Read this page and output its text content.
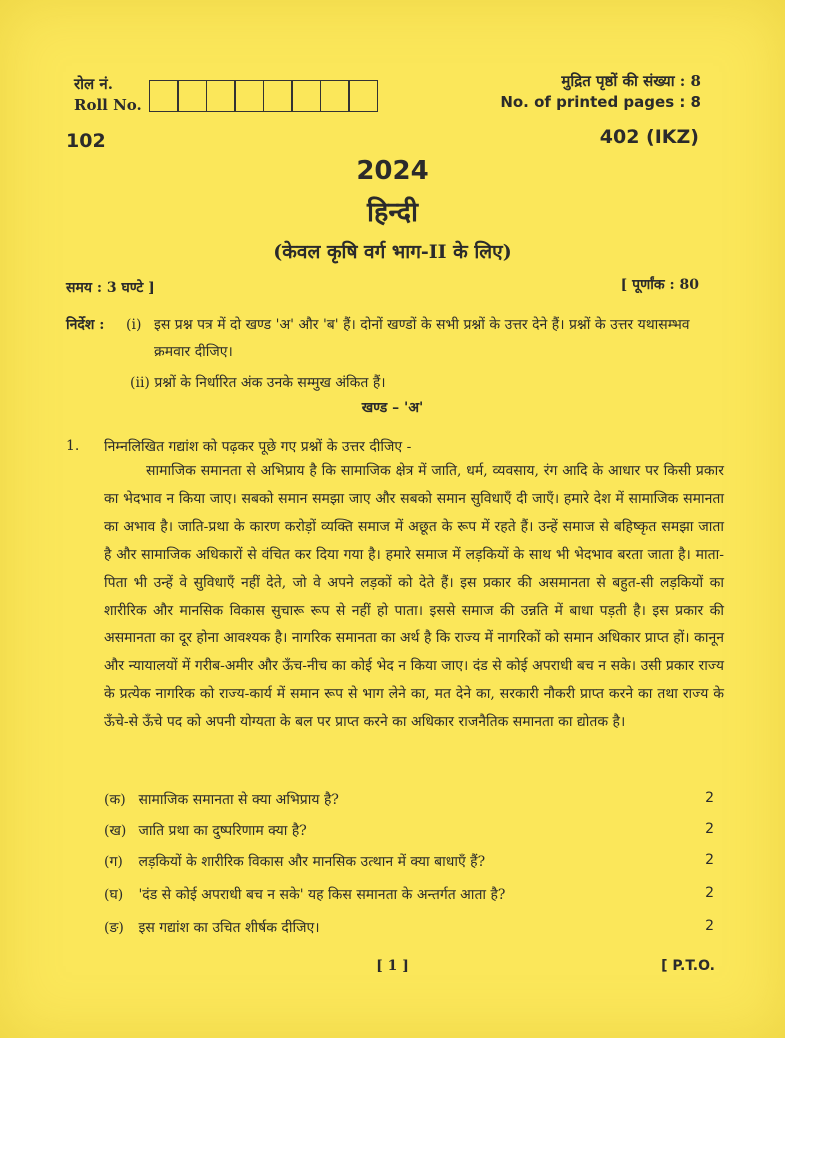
रोल नं.
Roll No.
102
मुद्रित पृष्ठों की संख्या : 8
No. of printed pages : 8
402 (IKZ)
2024
हिन्दी
(केवल कृषि वर्ग भाग-II के लिए)
समय : 3 घण्टे ]	[ पूर्णांक : 80
निर्देश : (i) इस प्रश्न पत्र में दो खण्ड 'अ' और 'ब' हैं। दोनों खण्डों के सभी प्रश्नों के उत्तर देने हैं। प्रश्नों के उत्तर यथासम्भव क्रमवार दीजिए।
(ii) प्रश्नों के निर्धारित अंक उनके सम्मुख अंकित हैं।
खण्ड – 'अ'
1. निम्नलिखित गद्यांश को पढ़कर पूछे गए प्रश्नों के उत्तर दीजिए -
सामाजिक समानता से अभिप्राय है कि सामाजिक क्षेत्र में जाति, धर्म, व्यवसाय, रंग आदि के आधार पर किसी प्रकार का भेदभाव न किया जाए। सबको समान समझा जाए और सबको समान सुविधाएँ दी जाएँ। हमारे देश में सामाजिक समानता का अभाव है। जाति-प्रथा के कारण करोड़ों व्यक्ति समाज में अछूत के रूप में रहते हैं। उन्हें समाज से बहिष्कृत समझा जाता है और सामाजिक अधिकारों से वंचित कर दिया गया है। हमारे समाज में लड़कियों के साथ भी भेदभाव बरता जाता है। माता-पिता भी उन्हें वे सुविधाएँ नहीं देते, जो वे अपने लड़कों को देते हैं। इस प्रकार की असमानता से बहुत-सी लड़कियों का शारीरिक और मानसिक विकास सुचारू रूप से नहीं हो पाता। इससे समाज की उन्नति में बाधा पड़ती है। इस प्रकार की असमानता का दूर होना आवश्यक है। नागरिक समानता का अर्थ है कि राज्य में नागरिकों को समान अधिकार प्राप्त हों। कानून और न्यायालयों में गरीब-अमीर और ऊँच-नीच का कोई भेद न किया जाए। दंड से कोई अपराधी बच न सके। उसी प्रकार राज्य के प्रत्येक नागरिक को राज्य-कार्य में समान रूप से भाग लेने का, मत देने का, सरकारी नौकरी प्राप्त करने का तथा राज्य के ऊँचे-से ऊँचे पद को अपनी योग्यता के बल पर प्राप्त करने का अधिकार राजनैतिक समानता का द्योतक है।
(क) सामाजिक समानता से क्या अभिप्राय है?	2
(ख) जाति प्रथा का दुष्परिणाम क्या है?	2
(ग) लड़कियों के शारीरिक विकास और मानसिक उत्थान में क्या बाधाएँ हैं?	2
(घ) 'दंड से कोई अपराधी बच न सके' यह किस समानता के अन्तर्गत आता है?	2
(ङ) इस गद्यांश का उचित शीर्षक दीजिए।	2
[ 1 ]	[ P.T.O.
